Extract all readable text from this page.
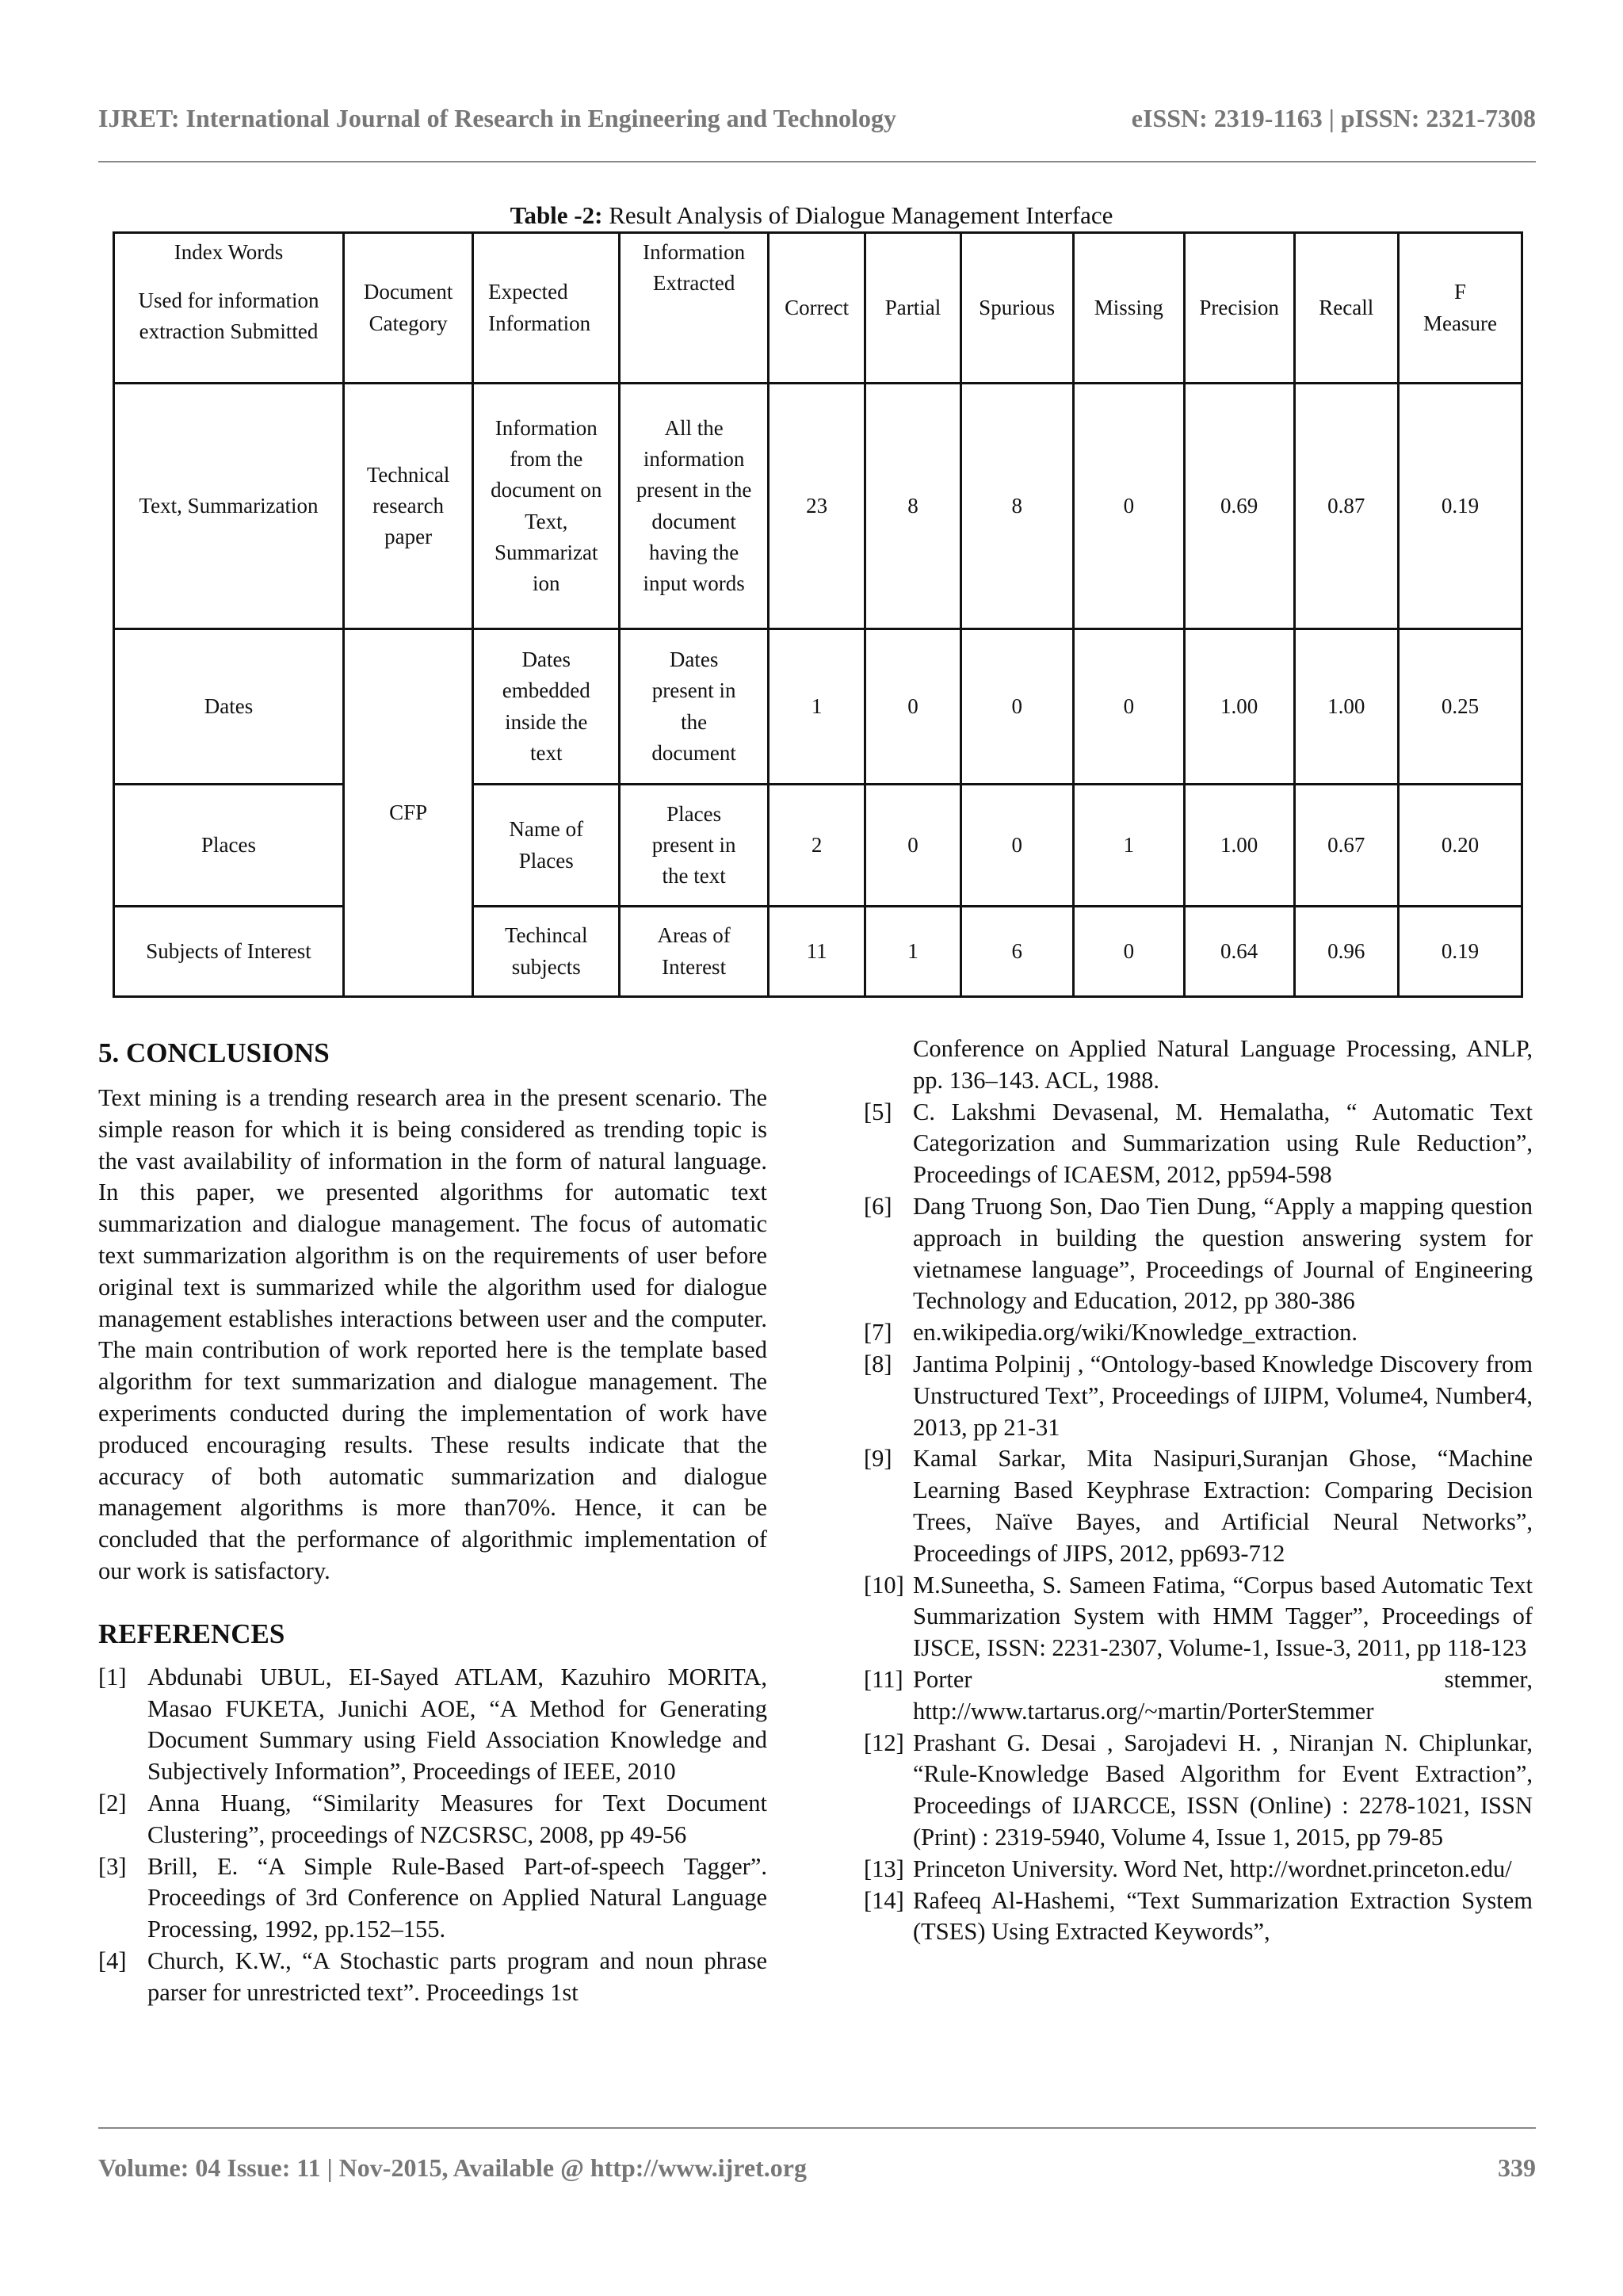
IJRET: International Journal of Research in Engineering and Technology	eISSN: 2319-1163 | pISSN: 2321-7308
Table -2: Result Analysis of Dialogue Management Interface
Index Words
Used for information extraction Submitted	Document Category	Expected Information	Information Extracted	Correct	Partial	Spurious	Missing	Precision	Recall	F Measure
Text, Summarization	Technical research paper	Information from the document on Text, Summarizat ion	All the information present in the document having the input words	23	8	8	0	0.69	0.87	0.19
Dates	CFP	Dates embedded inside the text	Dates present in the document	1	0	0	0	1.00	1.00	0.25
Places		Name of Places	Places present in the text	2	0	0	1	1.00	0.67	0.20
Subjects of Interest		Techincal subjects	Areas of Interest	11	1	6	0	0.64	0.96	0.19
5. CONCLUSIONS

Text mining is a trending research area in the present scenario. The simple reason for which it is being considered as trending topic is the vast availability of information in the form of natural language. In this paper, we presented algorithms for automatic text summarization and dialogue management. The focus of automatic text summarization algorithm is on the requirements of user before original text is summarized while the algorithm used for dialogue management establishes interactions between user and the computer. The main contribution of work reported here is the template based algorithm for text summarization and dialogue management. The experiments conducted during the implementation of work have produced encouraging results. These results indicate that the accuracy of both automatic summarization and dialogue management algorithms is more than70%. Hence, it can be concluded that the performance of algorithmic implementation of our work is satisfactory.

REFERENCES
[1] Abdunabi UBUL, EI-Sayed ATLAM, Kazuhiro MORITA, Masao FUKETA, Junichi AOE, “A Method for Generating Document Summary using Field Association Knowledge and Subjectively Information”, Proceedings of IEEE, 2010
[2] Anna Huang, “Similarity Measures for Text Document Clustering”, proceedings of NZCSRSC, 2008, pp 49-56
[3] Brill, E. “A Simple Rule-Based Part-of-speech Tagger”. Proceedings of 3rd Conference on Applied Natural Language Processing, 1992, pp.152–155.
[4] Church, K.W., “A Stochastic parts program and noun phrase parser for unrestricted text”. Proceedings 1st
Conference on Applied Natural Language Processing, ANLP, pp. 136–143. ACL, 1988.
[5] C. Lakshmi Devasenal, M. Hemalatha, “ Automatic Text Categorization and Summarization using Rule Reduction”, Proceedings of ICAESM, 2012, pp594-598
[6] Dang Truong Son, Dao Tien Dung, “Apply a mapping question approach in building the question answering system for vietnamese language”, Proceedings of Journal of Engineering Technology and Education, 2012, pp 380-386
[7] en.wikipedia.org/wiki/Knowledge_extraction.
[8] Jantima Polpinij , “Ontology-based Knowledge Discovery from Unstructured Text”, Proceedings of IJIPM, Volume4, Number4, 2013, pp 21-31
[9] Kamal Sarkar, Mita Nasipuri,Suranjan Ghose, “Machine Learning Based Keyphrase Extraction: Comparing Decision Trees, Naïve Bayes, and Artificial Neural Networks”, Proceedings of JIPS, 2012, pp693-712
[10] M.Suneetha, S. Sameen Fatima, “Corpus based Automatic Text Summarization System with HMM Tagger”, Proceedings of IJSCE, ISSN: 2231-2307, Volume-1, Issue-3, 2011, pp 118-123
[11] Porter stemmer, http://www.tartarus.org/~martin/PorterStemmer
[12] Prashant G. Desai , Sarojadevi H. , Niranjan N. Chiplunkar, “Rule-Knowledge Based Algorithm for Event Extraction”, Proceedings of IJARCCE, ISSN (Online) : 2278-1021, ISSN (Print) : 2319-5940, Volume 4, Issue 1, 2015, pp 79-85
[13] Princeton University. Word Net, http://wordnet.princeton.edu/
[14] Rafeeq Al-Hashemi, “Text Summarization Extraction System (TSES) Using Extracted Keywords”,
Volume: 04 Issue: 11 | Nov-2015, Available @ http://www.ijret.org	339
